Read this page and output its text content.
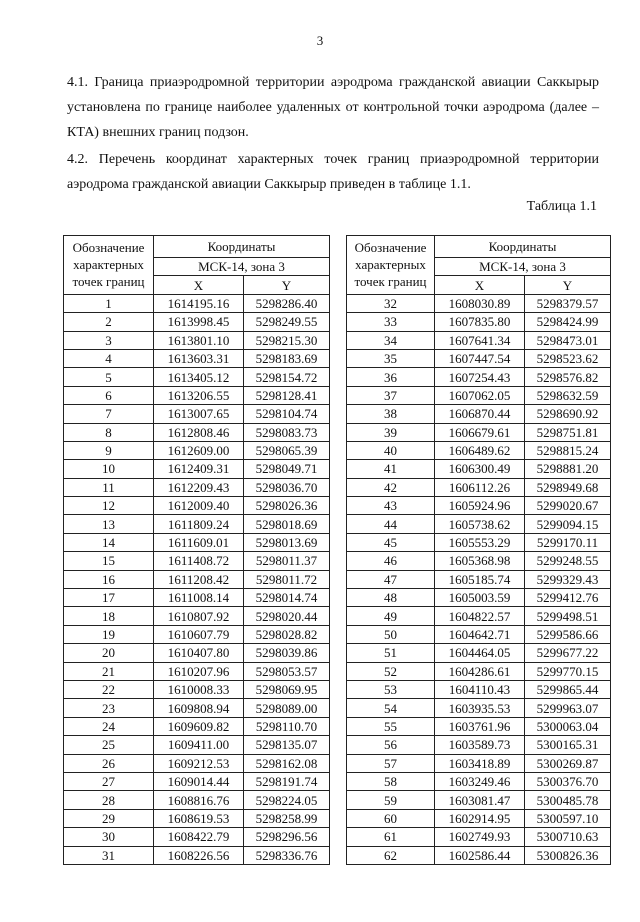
3

4.1. Граница приаэродромной территории аэродрома гражданской авиации Саккырыр установлена по границе наиболее удаленных от контрольной точки аэродрома (далее – КТА) внешних границ подзон.

4.2. Перечень координат характерных точек границ приаэродромной территории аэродрома гражданской авиации Саккырыр приведен в таблице 1.1.

Таблица 1.1
Обозначение
характерных
точек границ	Координаты	
	МСК-14, зона 3	
	X	Y
1	1614195.16	5298286.40
2	1613998.45	5298249.55
3	1613801.10	5298215.30
4	1613603.31	5298183.69
5	1613405.12	5298154.72
6	1613206.55	5298128.41
7	1613007.65	5298104.74
8	1612808.46	5298083.73
9	1612609.00	5298065.39
10	1612409.31	5298049.71
11	1612209.43	5298036.70
12	1612009.40	5298026.36
13	1611809.24	5298018.69
14	1611609.01	5298013.69
15	1611408.72	5298011.37
16	1611208.42	5298011.72
17	1611008.14	5298014.74
18	1610807.92	5298020.44
19	1610607.79	5298028.82
20	1610407.80	5298039.86
21	1610207.96	5298053.57
22	1610008.33	5298069.95
23	1609808.94	5298089.00
24	1609609.82	5298110.70
25	1609411.00	5298135.07
26	1609212.53	5298162.08
27	1609014.44	5298191.74
28	1608816.76	5298224.05
29	1608619.53	5298258.99
30	1608422.79	5298296.56
31	1608226.56	5298336.76
Обозначение
характерных
точек границ	Координаты	
	МСК-14, зона 3	
	X	Y
32	1608030.89	5298379.57
33	1607835.80	5298424.99
34	1607641.34	5298473.01
35	1607447.54	5298523.62
36	1607254.43	5298576.82
37	1607062.05	5298632.59
38	1606870.44	5298690.92
39	1606679.61	5298751.81
40	1606489.62	5298815.24
41	1606300.49	5298881.20
42	1606112.26	5298949.68
43	1605924.96	5299020.67
44	1605738.62	5299094.15
45	1605553.29	5299170.11
46	1605368.98	5299248.55
47	1605185.74	5299329.43
48	1605003.59	5299412.76
49	1604822.57	5299498.51
50	1604642.71	5299586.66
51	1604464.05	5299677.22
52	1604286.61	5299770.15
53	1604110.43	5299865.44
54	1603935.53	5299963.07
55	1603761.96	5300063.04
56	1603589.73	5300165.31
57	1603418.89	5300269.87
58	1603249.46	5300376.70
59	1603081.47	5300485.78
60	1602914.95	5300597.10
61	1602749.93	5300710.63
62	1602586.44	5300826.36
